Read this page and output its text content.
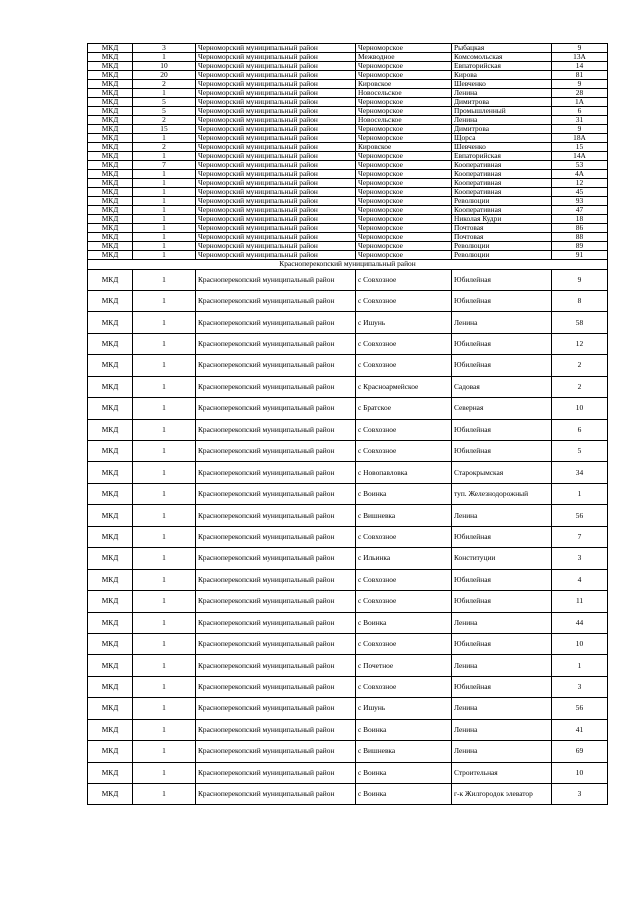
МКД	3	Черноморский муниципальный район	Черноморское	Рыбацкая	9
МКД	1	Черноморский муниципальный район	Межводное	Комсомольская	13А
МКД	10	Черноморский муниципальный район	Черноморское	Евпаторийская	14
МКД	20	Черноморский муниципальный район	Черноморское	Кирова	81
МКД	2	Черноморский муниципальный район	Кировское	Шевченко	9
МКД	1	Черноморский муниципальный район	Новосельское	Ленина	28
МКД	5	Черноморский муниципальный район	Черноморское	Димитрова	1А
МКД	5	Черноморский муниципальный район	Черноморское	Промышленный	6
МКД	2	Черноморский муниципальный район	Новосельское	Ленина	31
МКД	15	Черноморский муниципальный район	Черноморское	Димитрова	9
МКД	1	Черноморский муниципальный район	Черноморское	Щорса	18А
МКД	2	Черноморский муниципальный район	Кировское	Шевченко	15
МКД	1	Черноморский муниципальный район	Черноморское	Евпаторийская	14А
МКД	7	Черноморский муниципальный район	Черноморское	Кооперативная	53
МКД	1	Черноморский муниципальный район	Черноморское	Кооперативная	4А
МКД	1	Черноморский муниципальный район	Черноморское	Кооперативная	12
МКД	1	Черноморский муниципальный район	Черноморское	Кооперативная	45
МКД	1	Черноморский муниципальный район	Черноморское	Революции	93
МКД	1	Черноморский муниципальный район	Черноморское	Кооперативная	47
МКД	1	Черноморский муниципальный район	Черноморское	Николая Кудри	18
МКД	1	Черноморский муниципальный район	Черноморское	Почтовая	86
МКД	1	Черноморский муниципальный район	Черноморское	Почтовая	88
МКД	1	Черноморский муниципальный район	Черноморское	Революции	89
МКД	1	Черноморский муниципальный район	Черноморское	Революции	91
Красноперекопский муниципальный район					
МКД	1	Красноперекопский муниципальный район	с Совхозное	Юбилейная	9
МКД	1	Красноперекопский муниципальный район	с Совхозное	Юбилейная	8
МКД	1	Красноперекопский муниципальный район	с Ишунь	Ленина	58
МКД	1	Красноперекопский муниципальный район	с Совхозное	Юбилейная	12
МКД	1	Красноперекопский муниципальный район	с Совхозное	Юбилейная	2
МКД	1	Красноперекопский муниципальный район	с Красноармейское	Садовая	2
МКД	1	Красноперекопский муниципальный район	с Братское	Северная	10
МКД	1	Красноперекопский муниципальный район	с Совхозное	Юбилейная	6
МКД	1	Красноперекопский муниципальный район	с Совхозное	Юбилейная	5
МКД	1	Красноперекопский муниципальный район	с Новопавловка	Старокрымская	34
МКД	1	Красноперекопский муниципальный район	с Воинка	туп. Железнодорожный	1
МКД	1	Красноперекопский муниципальный район	с Вишневка	Ленина	56
МКД	1	Красноперекопский муниципальный район	с Совхозное	Юбилейная	7
МКД	1	Красноперекопский муниципальный район	с Ильинка	Конституции	3
МКД	1	Красноперекопский муниципальный район	с Совхозное	Юбилейная	4
МКД	1	Красноперекопский муниципальный район	с Совхозное	Юбилейная	11
МКД	1	Красноперекопский муниципальный район	с Воинка	Ленина	44
МКД	1	Красноперекопский муниципальный район	с Совхозное	Юбилейная	10
МКД	1	Красноперекопский муниципальный район	с Почетное	Ленина	1
МКД	1	Красноперекопский муниципальный район	с Совхозное	Юбилейная	3
МКД	1	Красноперекопский муниципальный район	с Ишунь	Ленина	56
МКД	1	Красноперекопский муниципальный район	с Воинка	Ленина	41
МКД	1	Красноперекопский муниципальный район	с Вишневка	Ленина	69
МКД	1	Красноперекопский муниципальный район	с Воинка	Строительная	10
МКД	1	Красноперекопский муниципальный район	с Воинка	г-к Жилгородок элеватор	3
